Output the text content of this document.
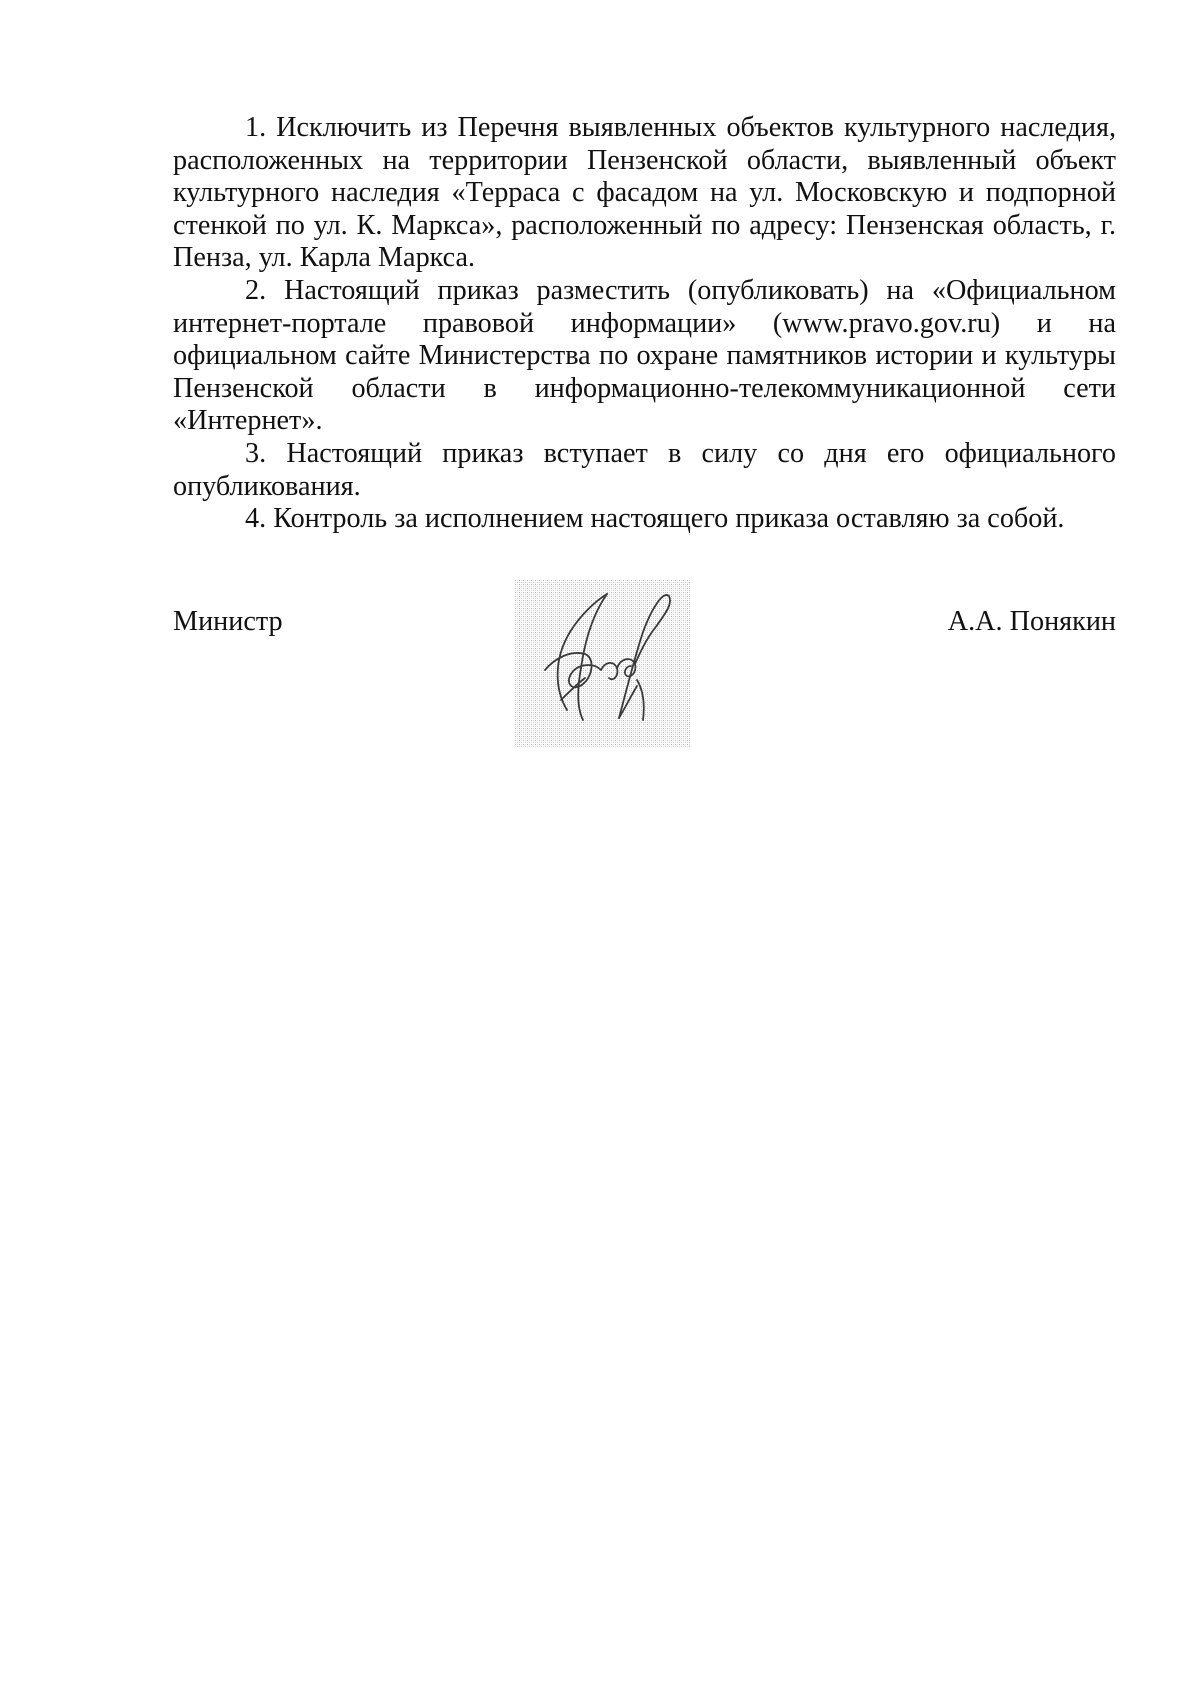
1. Исключить из Перечня выявленных объектов культурного наследия, расположенных на территории Пензенской области, выявленный объект культурного наследия «Терраса с фасадом на ул. Московскую и подпорной стенкой по ул. К. Маркса», расположенный по адресу: Пензенская область, г. Пенза, ул. Карла Маркса.

2. Настоящий приказ разместить (опубликовать) на «Официальном интернет-портале правовой информации» (www.pravo.gov.ru) и на официальном сайте Министерства по охране памятников истории и культуры Пензенской области в информационно-телекоммуникационной сети «Интернет».

3. Настоящий приказ вступает в силу со дня его официального опубликования.

4. Контроль за исполнением настоящего приказа оставляю за собой.

Министр	А.А. Понякин
